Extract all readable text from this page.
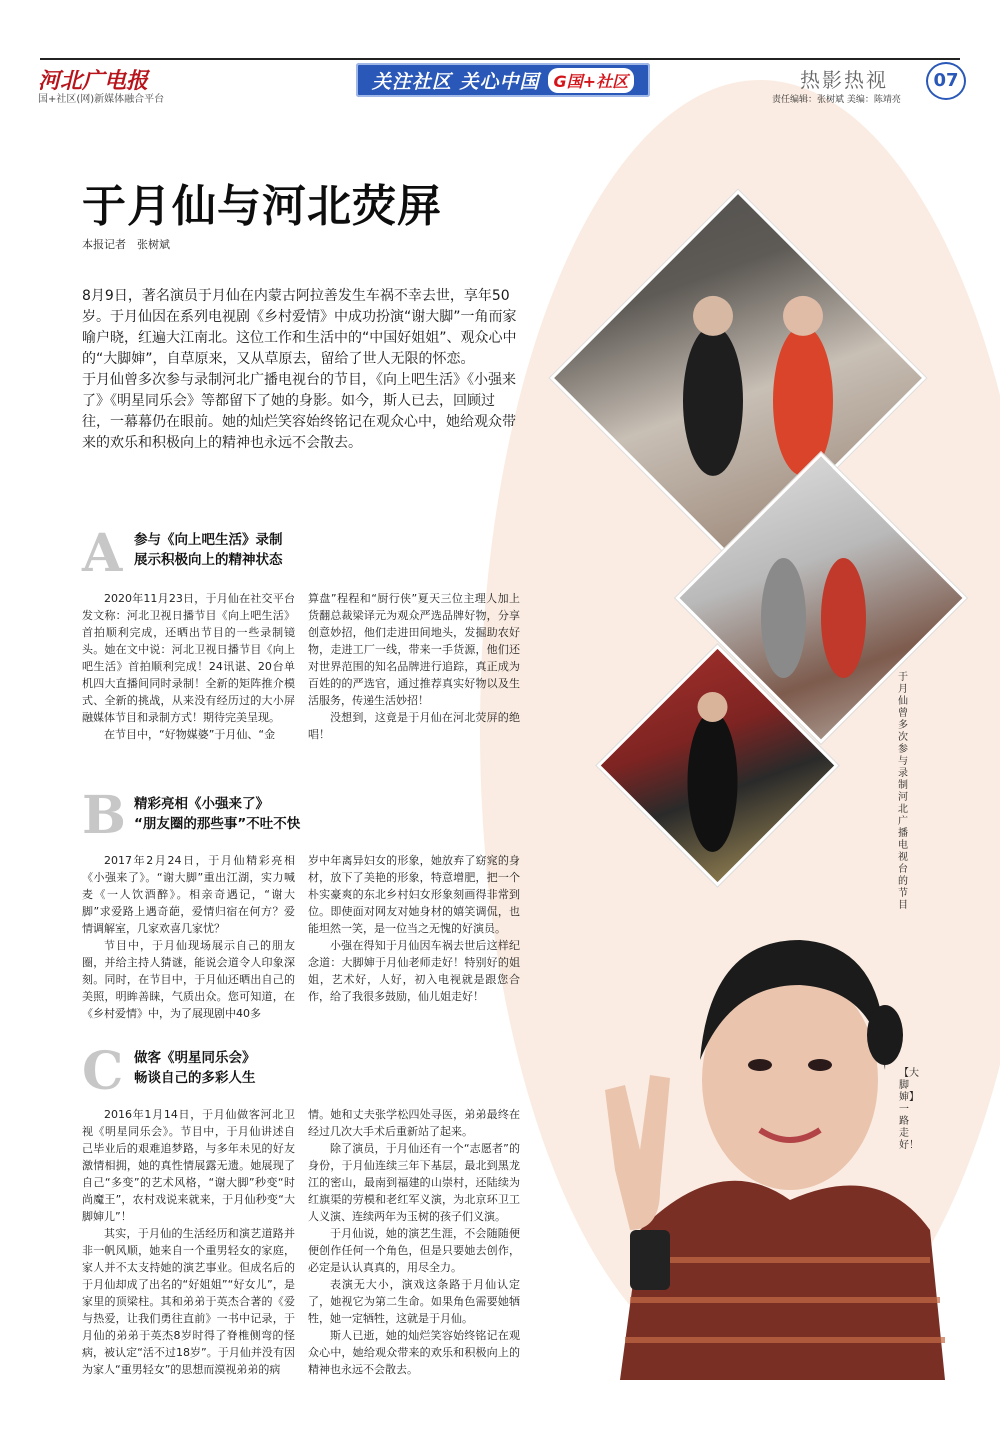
河北广电报
国+社区(网)新媒体融合平台
关注社区 关心中国 G国+社区	热影热视	07
责任编辑：张树斌 美编：陈靖亮
于月仙与河北荧屏
本报记者　张树斌

8月9日，著名演员于月仙在内蒙古阿拉善发生车祸不幸去世，享年50岁。于月仙因在系列电视剧《乡村爱情》中成功扮演“谢大脚”一角而家喻户晓，红遍大江南北。这位工作和生活中的“中国好姐姐”、观众心中的“大脚婶”，自草原来，又从草原去，留给了世人无限的怀恋。

于月仙曾多次参与录制河北广播电视台的节目，《向上吧生活》《小强来了》《明星同乐会》等都留下了她的身影。如今，斯人已去，回顾过往，一幕幕仍在眼前。她的灿烂笑容始终铭记在观众心中，她给观众带来的欢乐和积极向上的精神也永远不会散去。

于月仙曾多次参与录制河北广播电视台的节目
【大脚婶】一路走好！
A 参与《向上吧生活》录制
展示积极向上的精神状态

2020年11月23日，于月仙在社交平台发文称：河北卫视日播节目《向上吧生活》首拍顺利完成，还晒出节目的一些录制镜头。她在文中说：河北卫视日播节目《向上吧生活》首拍顺利完成！24讯谌、20台单机四大直播间同时录制！全新的矩阵推介模式、全新的挑战，从来没有经历过的大小屏融媒体节目和录制方式！期待完美呈现。

在节目中，“好物媒婆”于月仙、“金

算盘”程程和“厨行侠”夏天三位主理人加上货翻总裁梁译元为观众严选品牌好物，分享创意妙招，他们走进田间地头，发掘助农好物，走进工厂一线，带来一手货源，他们还对世界范围的知名品牌进行追踪，真正成为百姓的的严选官，通过推荐真实好物以及生活服务，传递生活妙招！

没想到，这竟是于月仙在河北荧屏的绝唱！

B 精彩亮相《小强来了》
“朋友圈的那些事”不吐不快

2017年2月24日，于月仙精彩亮相《小强来了》。“谢大脚”重出江湖，实力喊麦《一人饮酒醉》。相亲奇遇记，“谢大脚”求爱路上遇奇葩，爱情归宿在何方？爱情调解室，几家欢喜几家忧？

节目中，于月仙现场展示自己的朋友圈，并给主持人猜谜，能说会道令人印象深刻。同时，在节目中，于月仙还晒出自己的美照，明眸善睐，气质出众。您可知道，在《乡村爱情》中，为了展现剧中40多

岁中年离异妇女的形象，她放弃了窈窕的身材，放下了美艳的形象，特意增肥，把一个朴实豪爽的东北乡村妇女形象刻画得非常到位。即使面对网友对她身材的嬉笑调侃，也能坦然一笑，是一位当之无愧的好演员。

小强在得知于月仙因车祸去世后这样纪念道：大脚婶于月仙老师走好！特别好的姐姐，艺术好，人好，初入电视就是跟您合作，给了我很多鼓励，仙儿姐走好！

C 做客《明星同乐会》
畅谈自己的多彩人生

2016年1月14日，于月仙做客河北卫视《明星同乐会》。节目中，于月仙讲述自己毕业后的艰难追梦路，与多年未见的好友激情相拥，她的真性情展露无遗。她展现了自己“多变”的艺术风格，“谢大脚”秒变“时尚魔王”，农村戏说来就来，于月仙秒变“大脚婶儿”！

其实，于月仙的生活经历和演艺道路并非一帆风顺，她来自一个重男轻女的家庭，家人并不太支持她的演艺事业。但成名后的于月仙却成了出名的“好姐姐”“好女儿”，是家里的顶梁柱。其和弟弟于英杰合著的《爱与热爱，让我们勇往直前》一书中记录，于月仙的弟弟于英杰8岁时得了脊椎侧弯的怪病，被认定“活不过18岁”。于月仙并没有因为家人“重男轻女”的思想而漠视弟弟的病

情。她和丈夫张学松四处寻医，弟弟最终在经过几次大手术后重新站了起来。

除了演员，于月仙还有一个“志愿者”的身份，于月仙连续三年下基层，最北到黑龙江的密山，最南到福建的山崇村，还陆续为红旗渠的劳模和老红军义演，为北京环卫工人义演、连续两年为玉树的孩子们义演。

于月仙说，她的演艺生涯，不会随随便便创作任何一个角色，但是只要她去创作，必定是认认真真的，用尽全力。

表演无大小，演戏这条路于月仙认定了，她视它为第二生命。如果角色需要她牺牲，她一定牺牲，这就是于月仙。

斯人已逝，她的灿烂笑容始终铭记在观众心中，她给观众带来的欢乐和积极向上的精神也永远不会散去。
